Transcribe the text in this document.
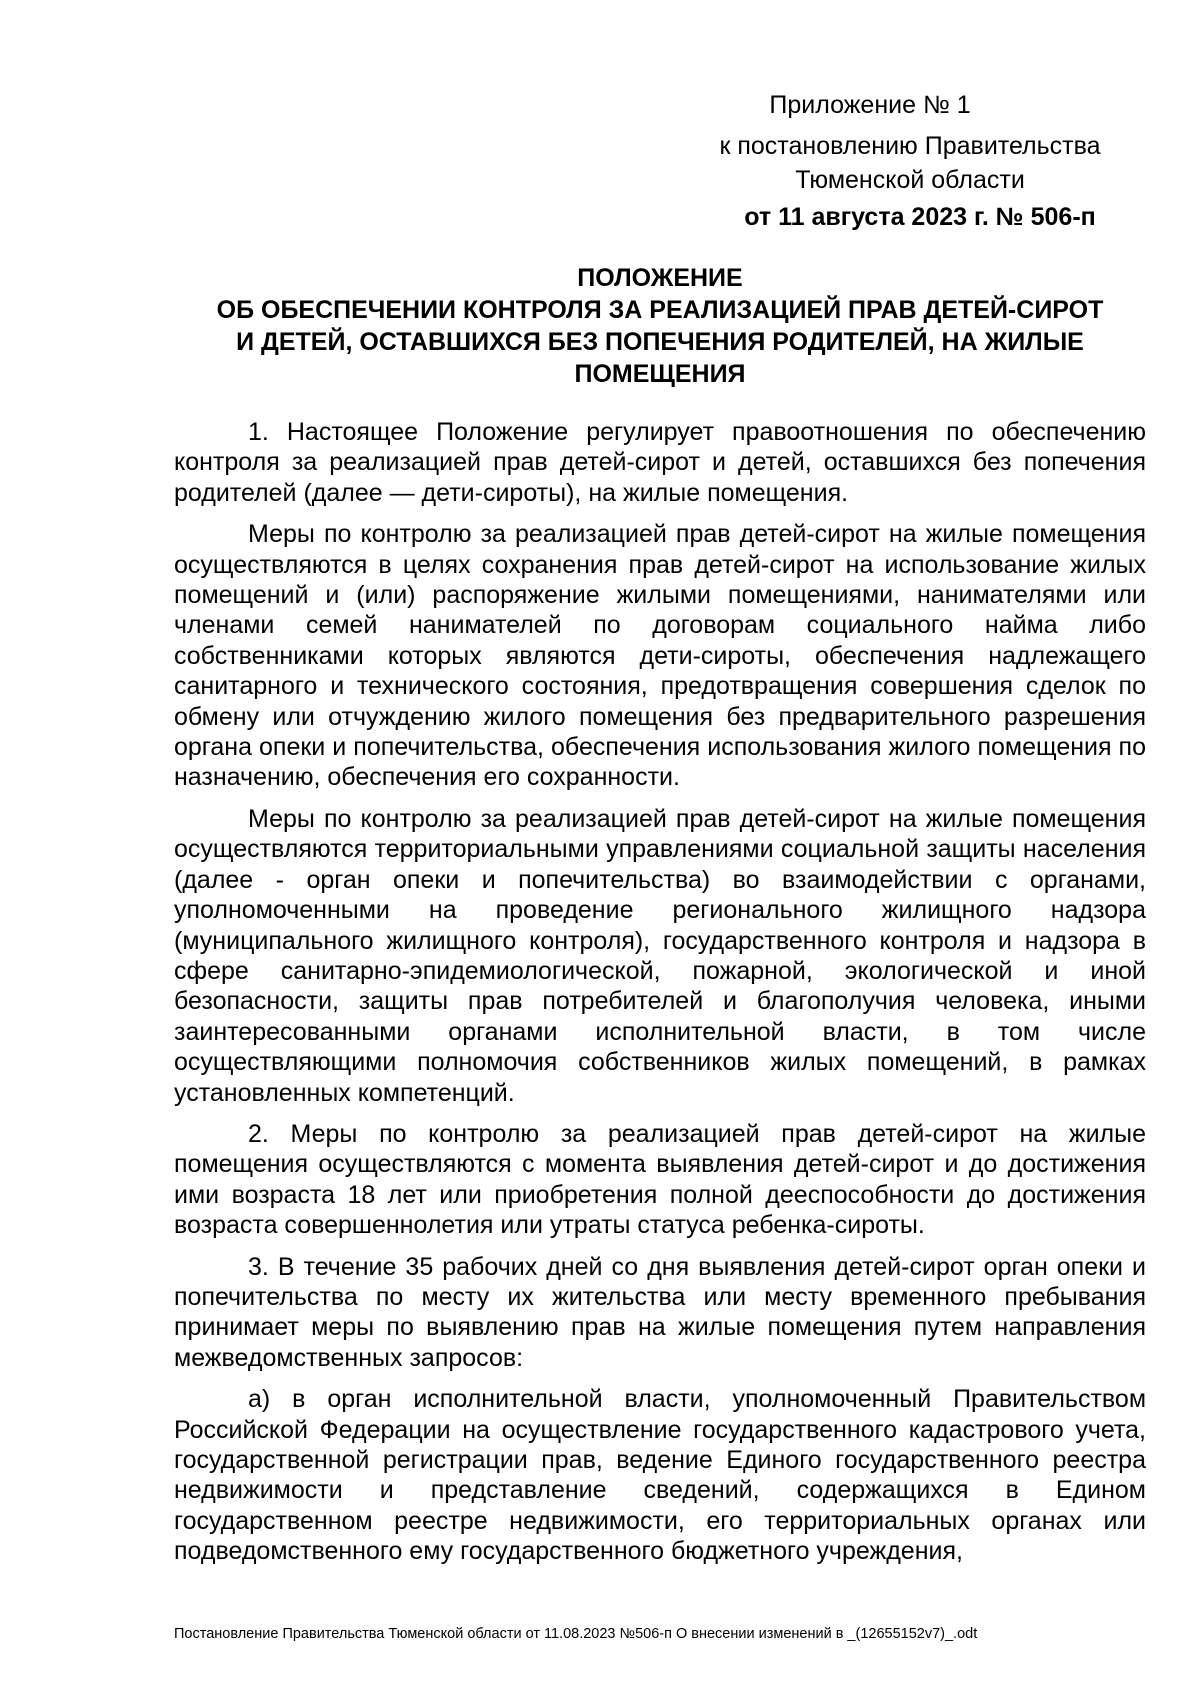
Приложение № 1
к постановлению Правительства
Тюменской области
от 11 августа 2023 г. № 506-п
ПОЛОЖЕНИЕ
ОБ ОБЕСПЕЧЕНИИ КОНТРОЛЯ ЗА РЕАЛИЗАЦИЕЙ ПРАВ ДЕТЕЙ-СИРОТ
И ДЕТЕЙ, ОСТАВШИХСЯ БЕЗ ПОПЕЧЕНИЯ РОДИТЕЛЕЙ, НА ЖИЛЫЕ
ПОМЕЩЕНИЯ

1. Настоящее Положение регулирует правоотношения по обеспечению контроля за реализацией прав детей-сирот и детей, оставшихся без попечения родителей (далее — дети-сироты), на жилые помещения.

Меры по контролю за реализацией прав детей-сирот на жилые помещения осуществляются в целях сохранения прав детей-сирот на использование жилых помещений и (или) распоряжение жилыми помещениями, нанимателями или членами семей нанимателей по договорам социального найма либо собственниками которых являются дети-сироты, обеспечения надлежащего санитарного и технического состояния, предотвращения совершения сделок по обмену или отчуждению жилого помещения без предварительного разрешения органа опеки и попечительства, обеспечения использования жилого помещения по назначению, обеспечения его сохранности.

Меры по контролю за реализацией прав детей-сирот на жилые помещения осуществляются территориальными управлениями социальной защиты населения (далее - орган опеки и попечительства) во взаимодействии с органами, уполномоченными на проведение регионального жилищного надзора (муниципального жилищного контроля), государственного контроля и надзора в сфере санитарно-эпидемиологической, пожарной, экологической и иной безопасности, защиты прав потребителей и благополучия человека, иными заинтересованными органами исполнительной власти, в том числе осуществляющими полномочия собственников жилых помещений, в рамках установленных компетенций.

2. Меры по контролю за реализацией прав детей-сирот на жилые помещения осуществляются с момента выявления детей-сирот и до достижения ими возраста 18 лет или приобретения полной дееспособности до достижения возраста совершеннолетия или утраты статуса ребенка-сироты.

3. В течение 35 рабочих дней со дня выявления детей-сирот орган опеки и попечительства по месту их жительства или месту временного пребывания принимает меры по выявлению прав на жилые помещения путем направления межведомственных запросов:

а) в орган исполнительной власти, уполномоченный Правительством Российской Федерации на осуществление государственного кадастрового учета, государственной регистрации прав, ведение Единого государственного реестра недвижимости и представление сведений, содержащихся в Едином государственном реестре недвижимости, его территориальных органах или подведомственного ему государственного бюджетного учреждения,

Постановление Правительства Тюменской области от 11.08.2023 №506-п О внесении изменений в _(12655152v7)_.odt
